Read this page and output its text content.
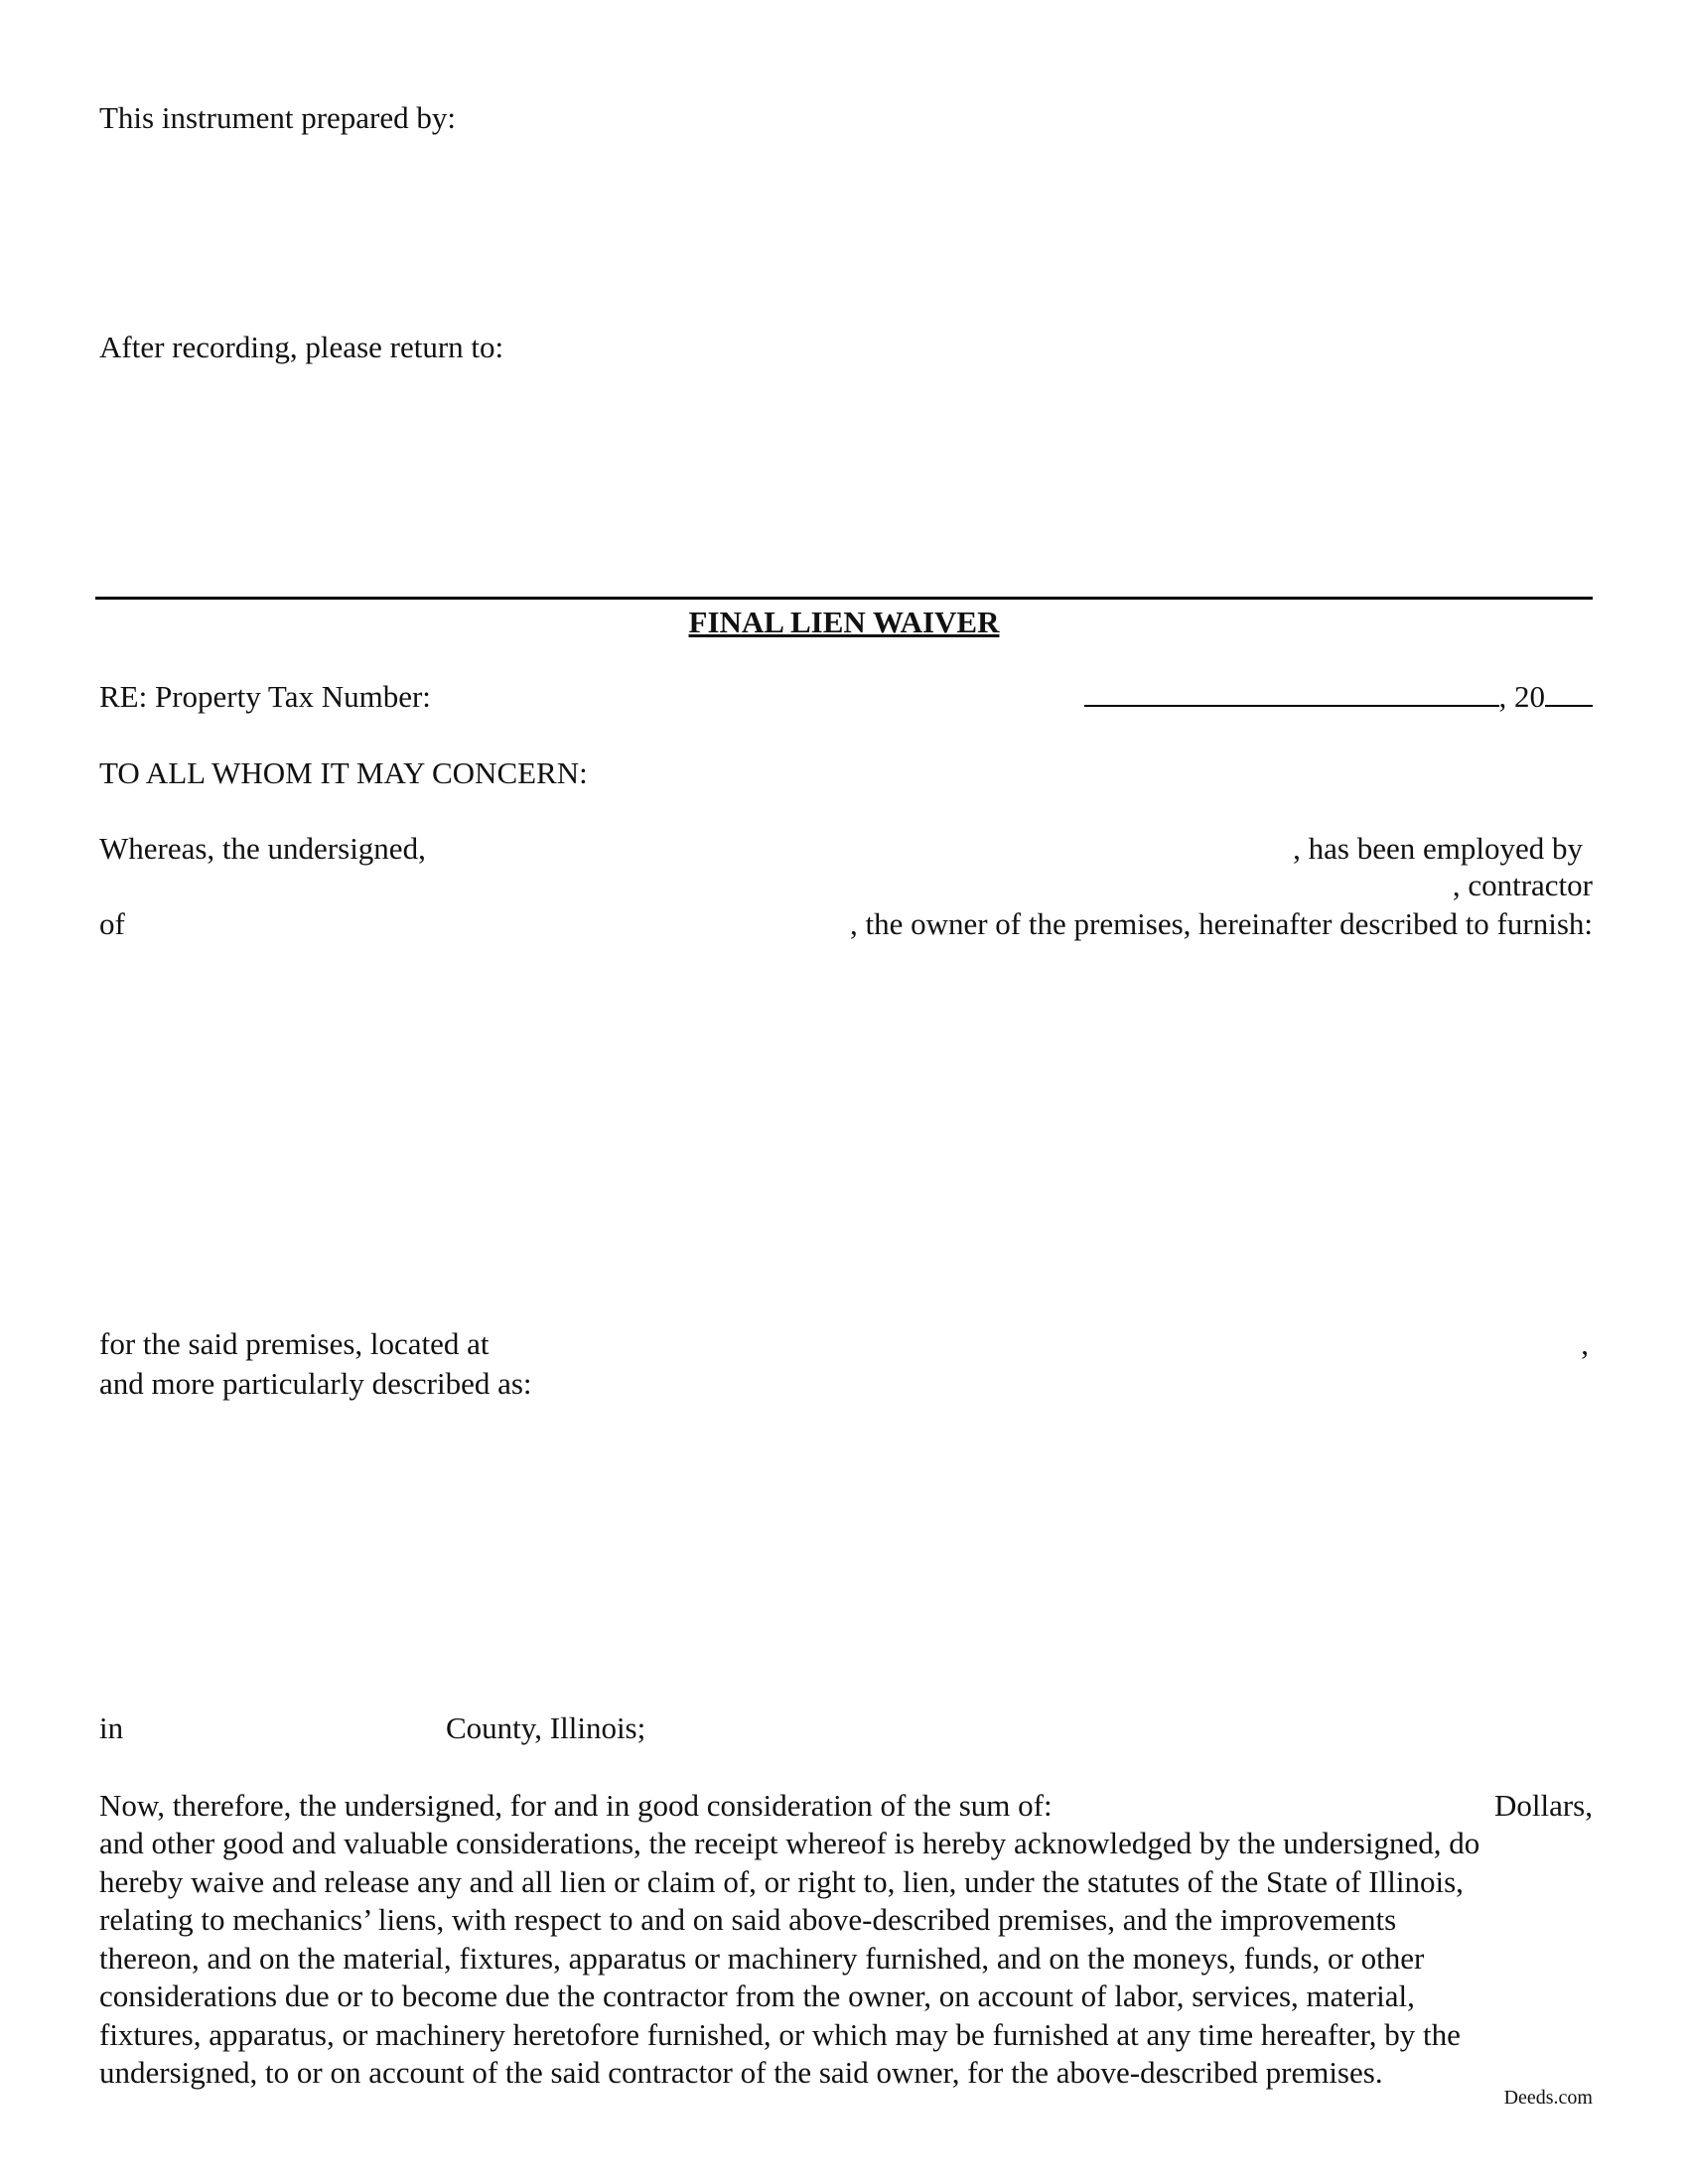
This instrument prepared by:
After recording, please return to:
FINAL LIEN WAIVER
RE: Property Tax Number:	, 20
TO ALL WHOM IT MAY CONCERN:
Whereas, the undersigned,	, has been employed by
, contractor
of	, the owner of the premises, hereinafter described to furnish:
for the said premises, located at	,
and more particularly described as:
in	County, Illinois;
Now, therefore, the undersigned, for and in good consideration of the sum of:	Dollars,
and other good and valuable considerations, the receipt whereof is hereby acknowledged by the undersigned, do
hereby waive and release any and all lien or claim of, or right to, lien, under the statutes of the State of Illinois,
relating to mechanics’ liens, with respect to and on said above-described premises, and the improvements
thereon, and on the material, fixtures, apparatus or machinery furnished, and on the moneys, funds, or other
considerations due or to become due the contractor from the owner, on account of labor, services, material,
fixtures, apparatus, or machinery heretofore furnished, or which may be furnished at any time hereafter, by the
undersigned, to or on account of the said contractor of the said owner, for the above-described premises.
Deeds.com
